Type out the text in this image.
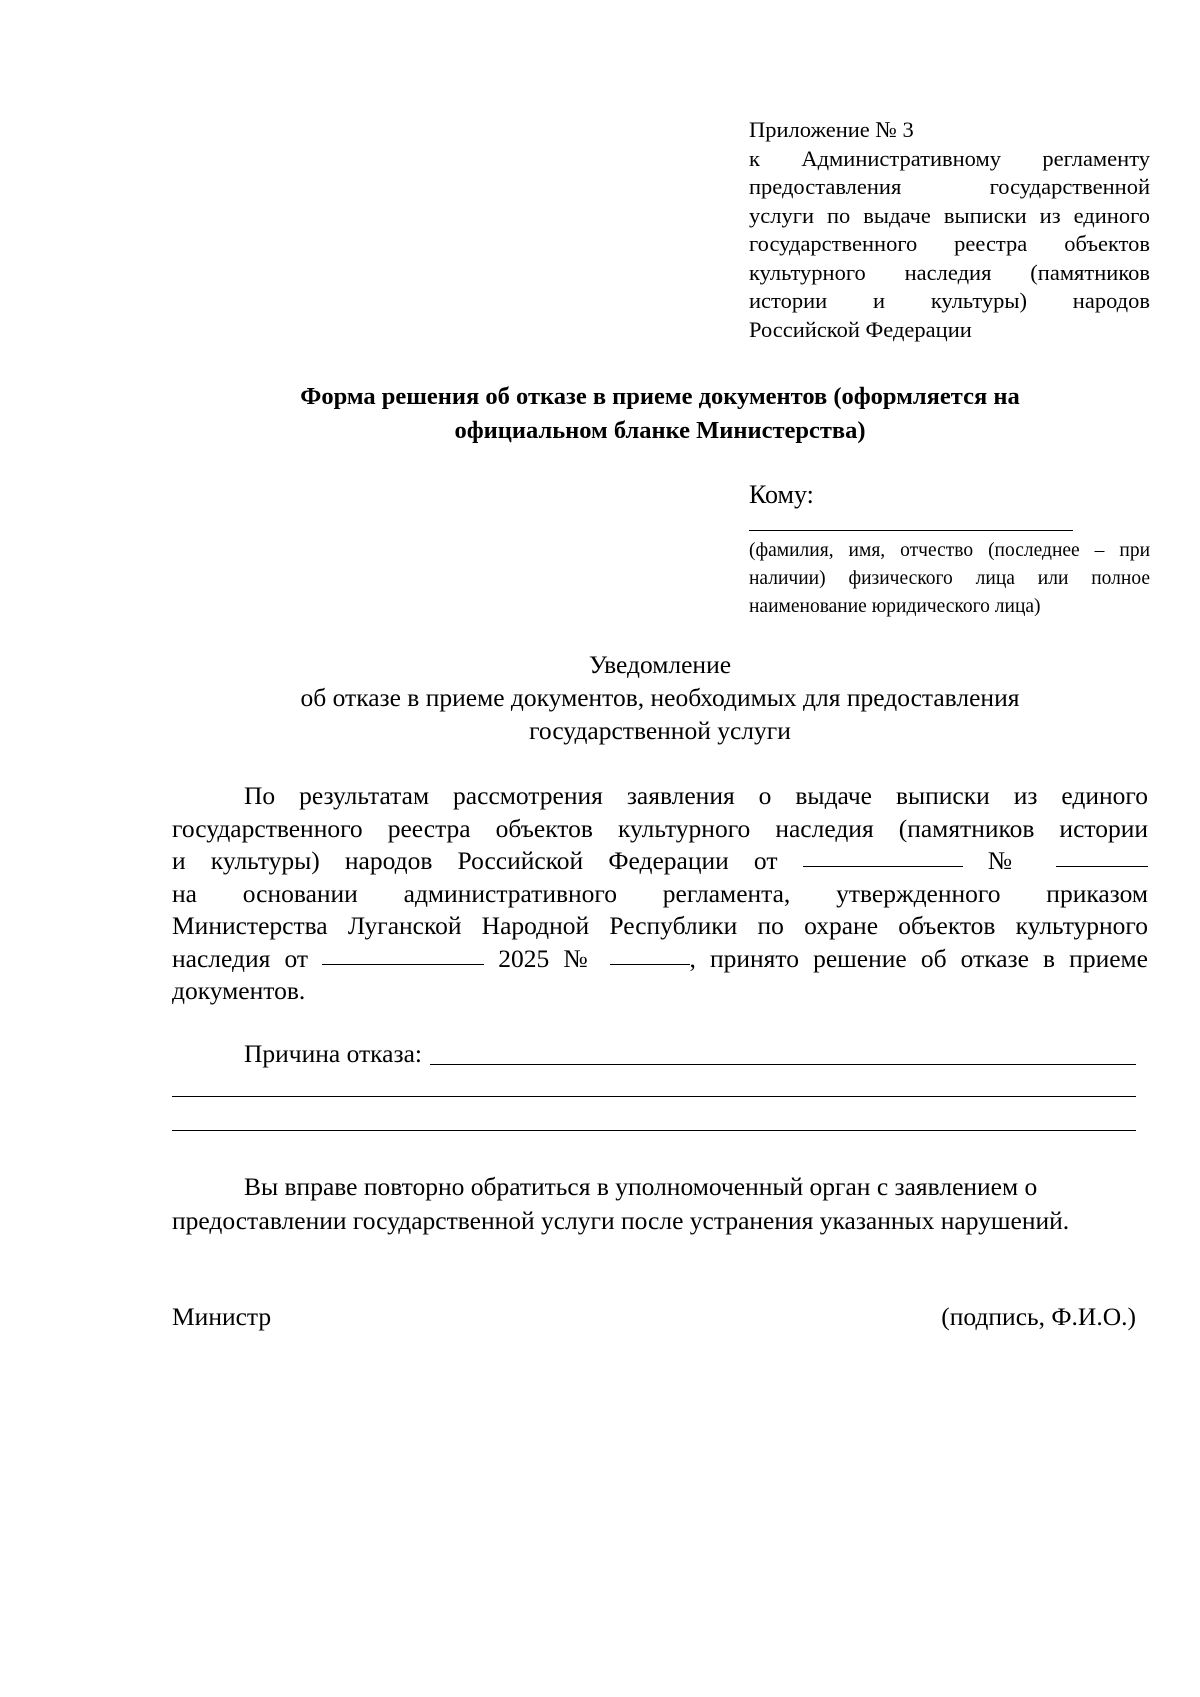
Приложение № 3
к Административному регламенту
предоставления государственной
услуги по выдаче выписки из единого
государственного реестра объектов
культурного наследия (памятников
истории и культуры) народов
Российской Федерации
Форма решения об отказе в приеме документов (оформляется на
официальном бланке Министерства)
Кому:
(фамилия, имя, отчество (последнее – при
наличии) физического лица или полное
наименование юридического лица)
Уведомление
об отказе в приеме документов, необходимых для предоставления
государственной услуги
По результатам рассмотрения заявления о выдаче выписки из единого
государственного реестра объектов культурного наследия (памятников истории
и культуры) народов Российской Федерации от	№
на основании административного регламента, утвержденного приказом
Министерства Луганской Народной Республики по охране объектов культурного
наследия от	2025 №	, принято решение об отказе в приеме
документов.
Причина отказа:
Вы вправе повторно обратиться в уполномоченный орган с заявлением о
предоставлении государственной услуги после устранения указанных нарушений.
Министр	(подпись, Ф.И.О.)
